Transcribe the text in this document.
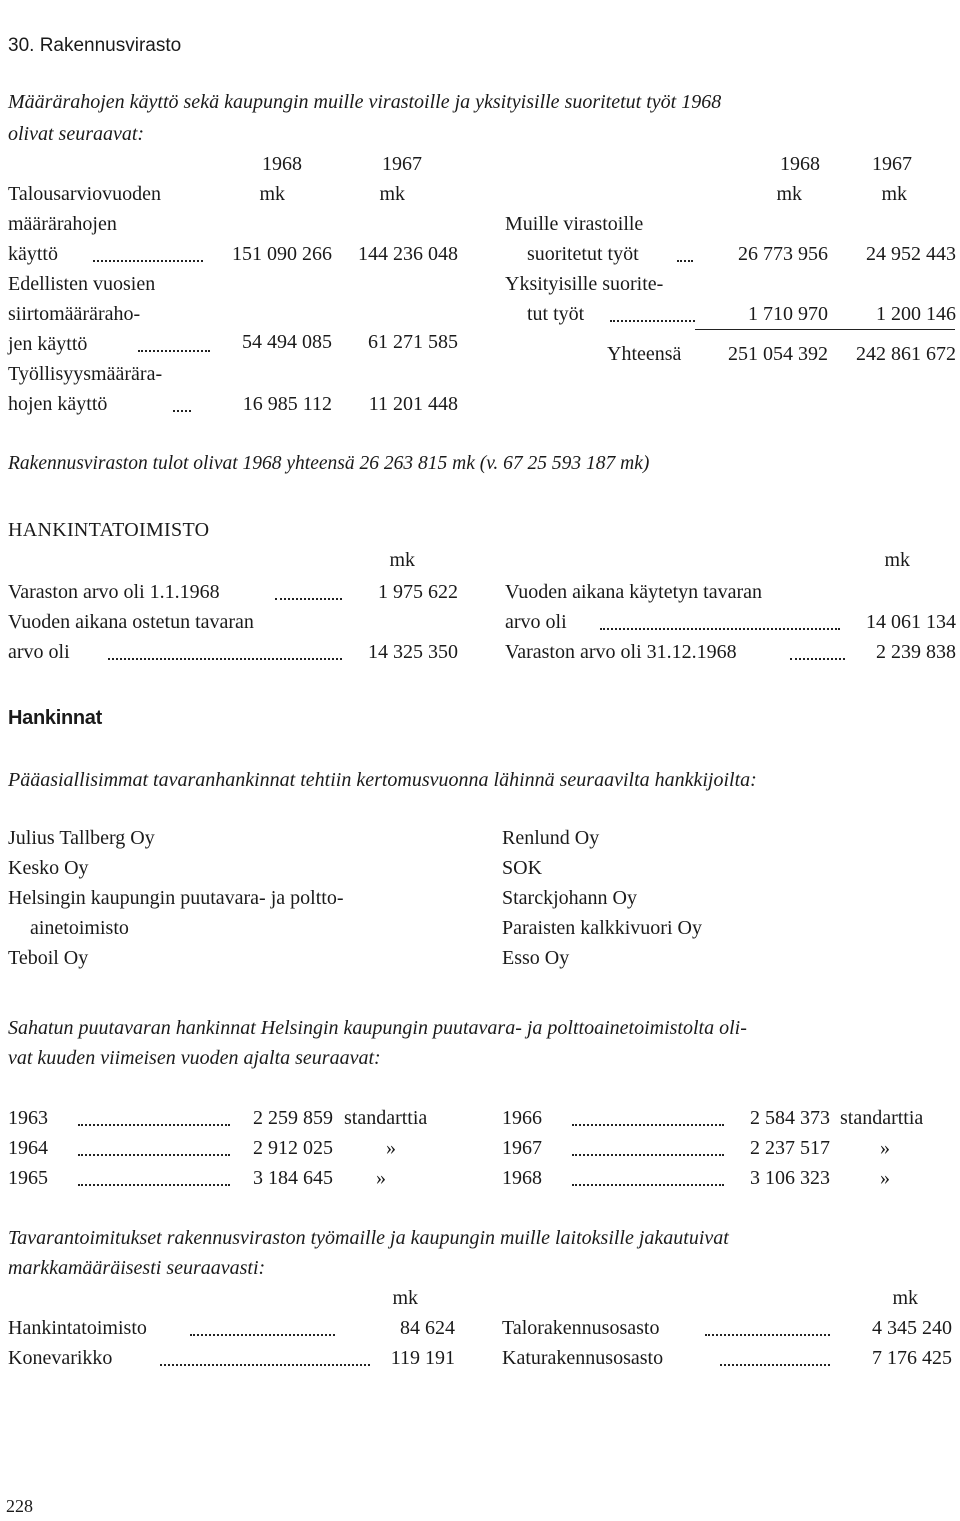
30. Rakennusvirasto
Määrärahojen käyttö sekä kaupungin muille virastoille ja yksityisille suoritetut työt 1968
olivat seuraavat:
1968	1967
mk	mk
1968	1967
mk	mk
Talousarviovuoden
määrärahojen
käyttö	151 090 266	144 236 048
Edellisten vuosien
siirtomäärärahо-
jen käyttö	54 494 085	61 271 585
Työllisyysmäärära-
hojen käyttö	16 985 112	11 201 448
Muille virastoille
suoritetut työt	26 773 956	24 952 443
Yksityisille suorite-
tut työt	1 710 970	1 200 146
Yhteensä	251 054 392	242 861 672
Rakennusviraston tulot olivat 1968 yhteensä 26 263 815 mk (v. 67 25 593 187 mk)
HANKINTATOIMISTO
mk	mk
Varaston arvo oli 1.1.1968	1 975 622
Vuoden aikana ostetun tavaran
arvo oli	14 325 350
Vuoden aikana käytetyn tavaran
arvo oli	14 061 134
Varaston arvo oli 31.12.1968	2 239 838
Hankinnat
Pääasiallisimmat tavaranhankinnat tehtiin kertomusvuonna lähinnä seuraavilta hankkijoilta:
Julius Tallberg Oy
Kesko Oy
Helsingin kaupungin puutavara- ja poltto-
ainetoimisto
Teboil Oy
Renlund Oy
SOK
Starckjohann Oy
Paraisten kalkkivuori Oy
Esso Oy
Sahatun puutavaran hankinnat Helsingin kaupungin puutavara- ja polttoainetoimistolta oli-
vat kuuden viimeisen vuoden ajalta seuraavat:
1963	2 259 859 standarttia
1964	2 912 025	»
1965	3 184 645 »
1966	2 584 373 standarttia
1967	2 237 517	»
1968	3 106 323	»
Tavarantoimitukset rakennusviraston työmaille ja kaupungin muille laitoksille jakautuivat
markkamääräisesti seuraavasti:
mk	mk
Hankintatoimisto	84 624
Konevarikko	119 191
Talorakennusosasto	4 345 240
Katurakennusosasto	7 176 425
228
